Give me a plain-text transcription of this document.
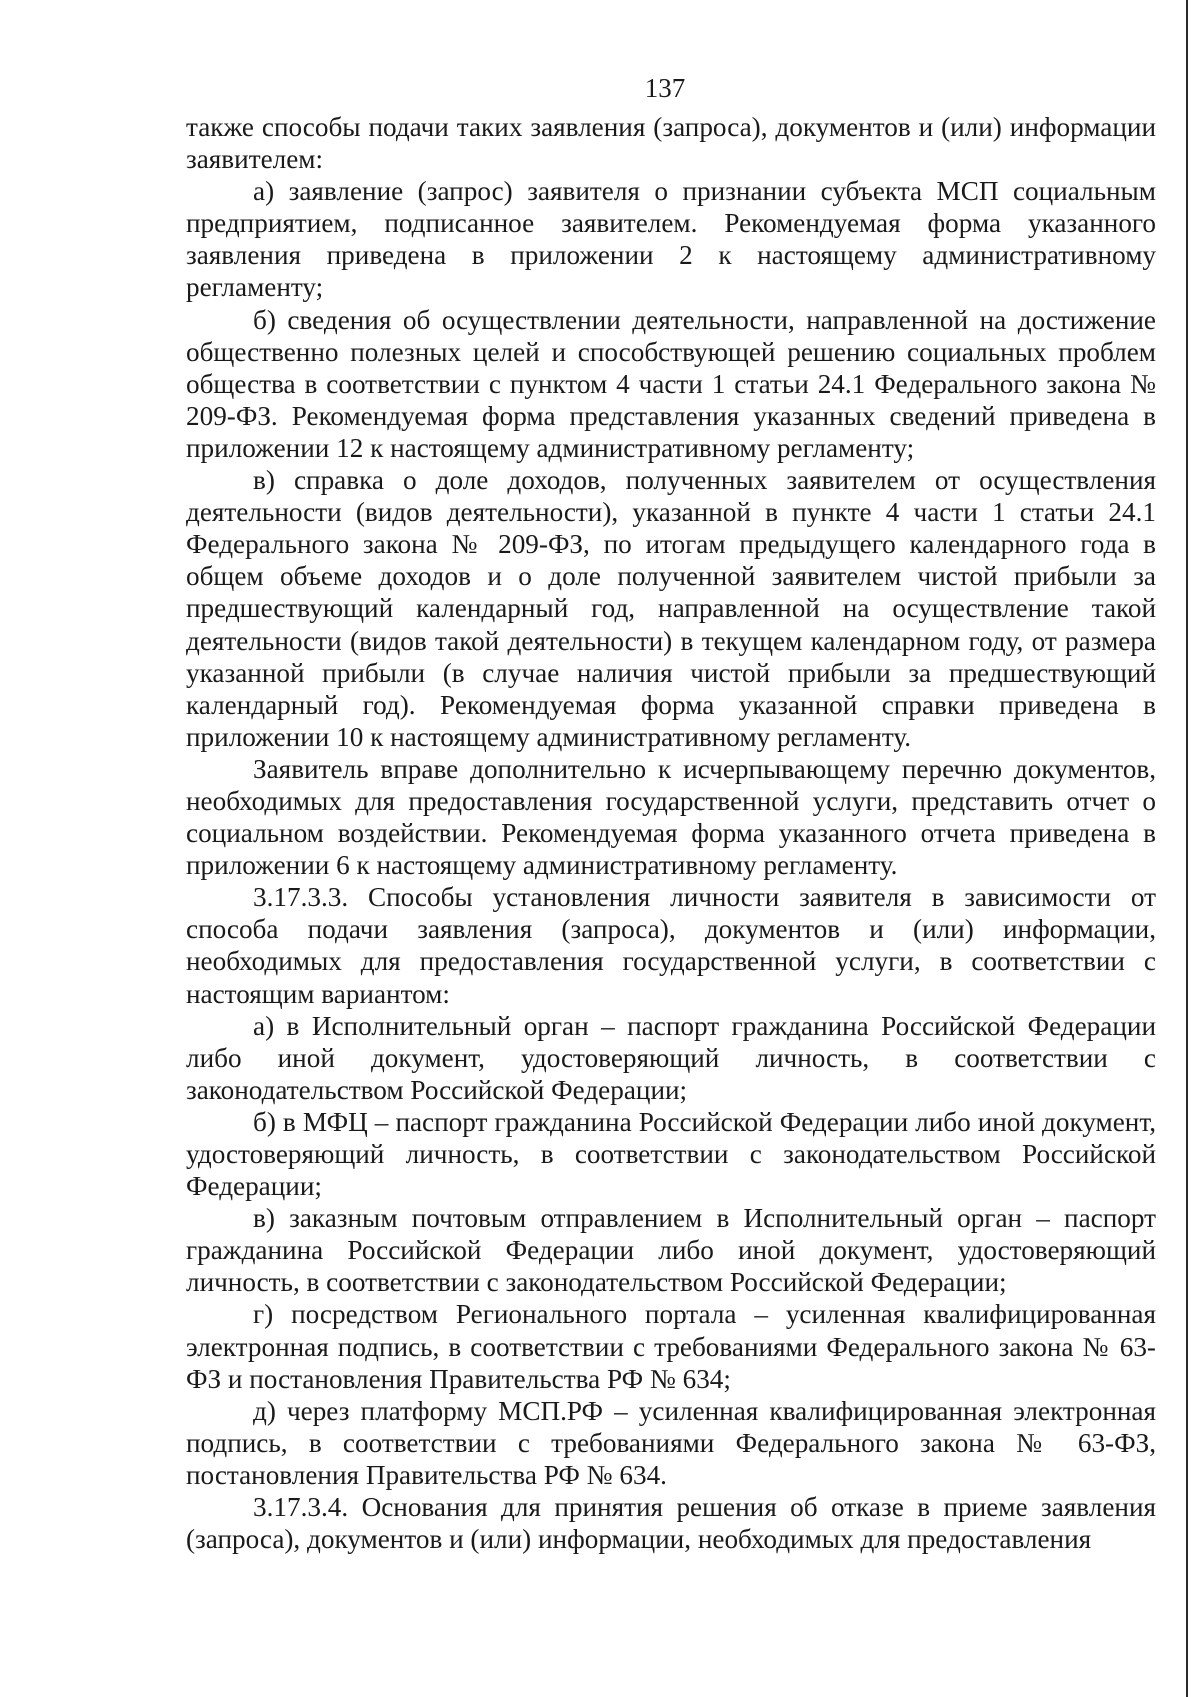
137

также способы подачи таких заявления (запроса), документов и (или) информации заявителем:

а) заявление (запрос) заявителя о признании субъекта МСП социальным предприятием, подписанное заявителем. Рекомендуемая форма указанного заявления приведена в приложении 2 к настоящему административному регламенту;

б) сведения об осуществлении деятельности, направленной на достижение общественно полезных целей и способствующей решению социальных проблем общества в соответствии с пунктом 4 части 1 статьи 24.1 Федерального закона № 209-ФЗ. Рекомендуемая форма представления указанных сведений приведена в приложении 12 к настоящему административному регламенту;

в) справка о доле доходов, полученных заявителем от осуществления деятельности (видов деятельности), указанной в пункте 4 части 1 статьи 24.1 Федерального закона № 209-ФЗ, по итогам предыдущего календарного года в общем объеме доходов и о доле полученной заявителем чистой прибыли за предшествующий календарный год, направленной на осуществление такой деятельности (видов такой деятельности) в текущем календарном году, от размера указанной прибыли (в случае наличия чистой прибыли за предшествующий календарный год). Рекомендуемая форма указанной справки приведена в приложении 10 к настоящему административному регламенту.

Заявитель вправе дополнительно к исчерпывающему перечню документов, необходимых для предоставления государственной услуги, представить отчет о социальном воздействии. Рекомендуемая форма указанного отчета приведена в приложении 6 к настоящему административному регламенту.

3.17.3.3. Способы установления личности заявителя в зависимости от способа подачи заявления (запроса), документов и (или) информации, необходимых для предоставления государственной услуги, в соответствии с настоящим вариантом:

а) в Исполнительный орган – паспорт гражданина Российской Федерации либо иной документ, удостоверяющий личность, в соответствии с законодательством Российской Федерации;

б) в МФЦ – паспорт гражданина Российской Федерации либо иной документ, удостоверяющий личность, в соответствии с законодательством Российской Федерации;

в) заказным почтовым отправлением в Исполнительный орган – паспорт гражданина Российской Федерации либо иной документ, удостоверяющий личность, в соответствии с законодательством Российской Федерации;

г) посредством Регионального портала – усиленная квалифицированная электронная подпись, в соответствии с требованиями Федерального закона № 63-ФЗ и постановления Правительства РФ № 634;

д) через платформу МСП.РФ – усиленная квалифицированная электронная подпись, в соответствии с требованиями Федерального закона № 63-ФЗ, постановления Правительства РФ № 634.

3.17.3.4. Основания для принятия решения об отказе в приеме заявления (запроса), документов и (или) информации, необходимых для предоставления
